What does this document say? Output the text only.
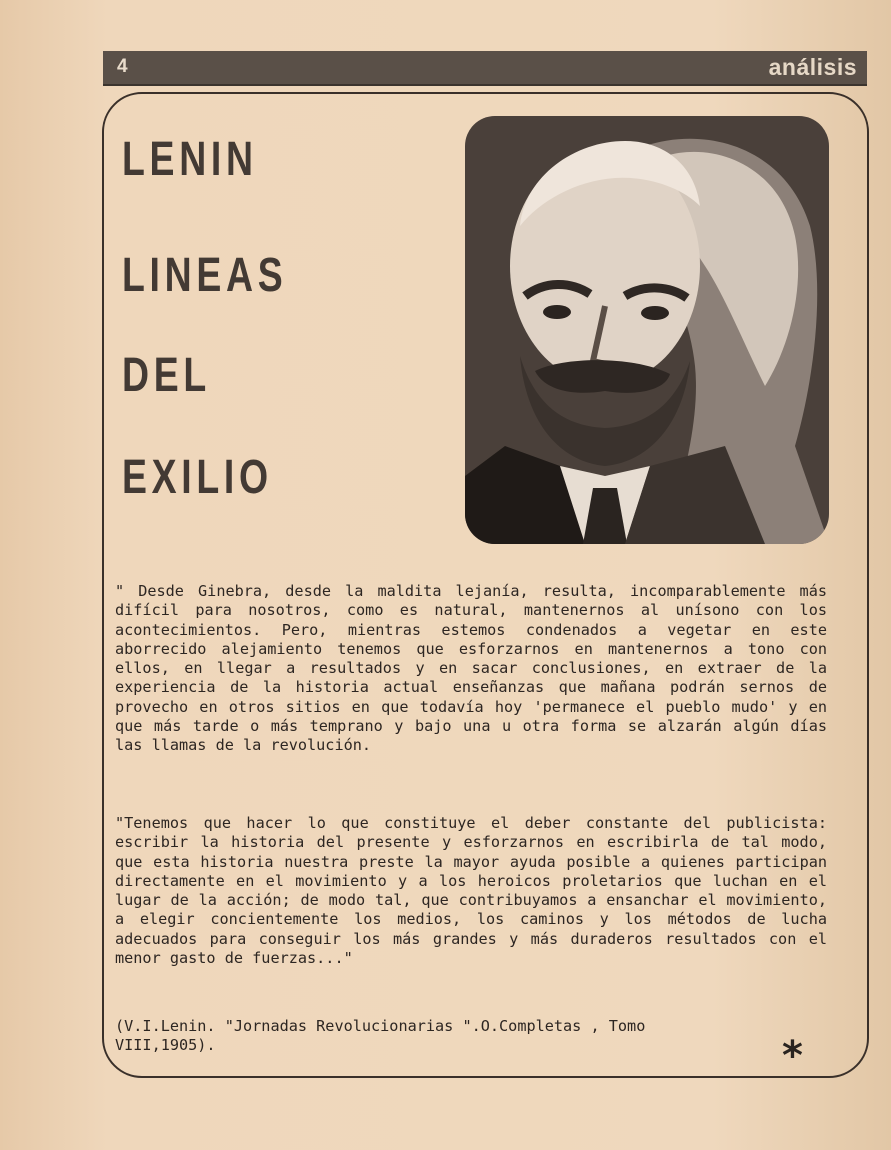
4	análisis
LENIN
LINEAS
DEL
EXILIO

" Desde Ginebra, desde la maldita lejanía, resulta, incomparablemente más difícil para nosotros, como es natural, mantenernos al unísono con los acontecimientos. Pero, mientras estemos condenados a vegetar en este aborrecido alejamiento tenemos que esforzarnos en mantenernos a tono con ellos, en llegar a resultados y en sacar conclusiones, en extraer de la experiencia de la historia actual enseñanzas que mañana podrán sernos de provecho en otros sitios en que todavía hoy 'permanece el pueblo mudo' y en que más tarde o más temprano y bajo una u otra forma se alzarán algún días las llamas de la revolución.

"Tenemos que hacer lo que constituye el deber constante del publicista: escribir la historia del presente y esforzarnos en escribirla de tal modo, que esta historia nuestra preste la mayor ayuda posible a quienes participan directamente en el movimiento y a los heroicos proletarios que luchan en el lugar de la acción; de modo tal, que contribuyamos a ensanchar el movimiento, a elegir concientemente los medios, los caminos y los métodos de lucha adecuados para conseguir los más grandes y más duraderos resultados con el menor gasto de fuerzas..."

(V.I.Lenin. "Jornadas Revolucionarias ".O.Completas , Tomo VIII,1905).	*
